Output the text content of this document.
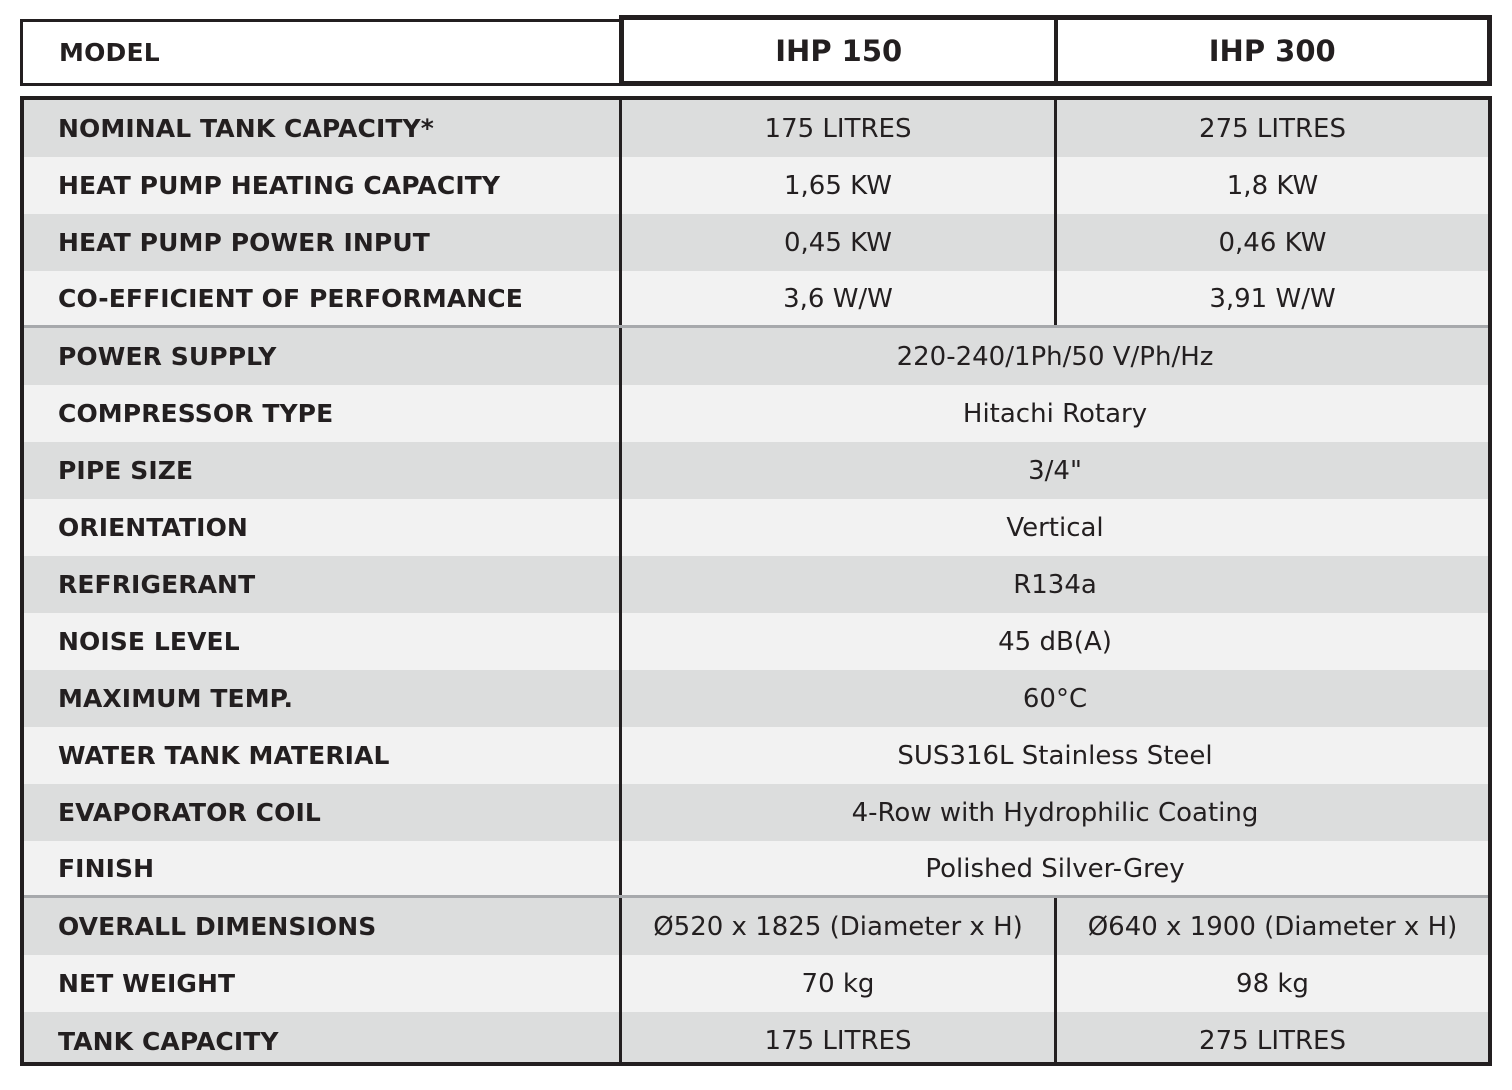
MODEL	IHP 150	IHP 300
NOMINAL TANK CAPACITY*	175 LITRES	275 LITRES
HEAT PUMP HEATING CAPACITY	1,65 KW	1,8 KW
HEAT PUMP POWER INPUT	0,45 KW	0,46 KW
CO-EFFICIENT OF PERFORMANCE	3,6 W/W	3,91 W/W
POWER SUPPLY	220-240/1Ph/50 V/Ph/Hz
COMPRESSOR TYPE	Hitachi Rotary
PIPE SIZE	3/4"
ORIENTATION	Vertical
REFRIGERANT	R134a
NOISE LEVEL	45 dB(A)
MAXIMUM TEMP.	60°C
WATER TANK MATERIAL	SUS316L Stainless Steel
EVAPORATOR COIL	4-Row with Hydrophilic Coating
FINISH	Polished Silver-Grey
OVERALL DIMENSIONS	Ø520 x 1825 (Diameter x H)	Ø640 x 1900 (Diameter x H)
NET WEIGHT	70 kg	98 kg
TANK CAPACITY	175 LITRES	275 LITRES
